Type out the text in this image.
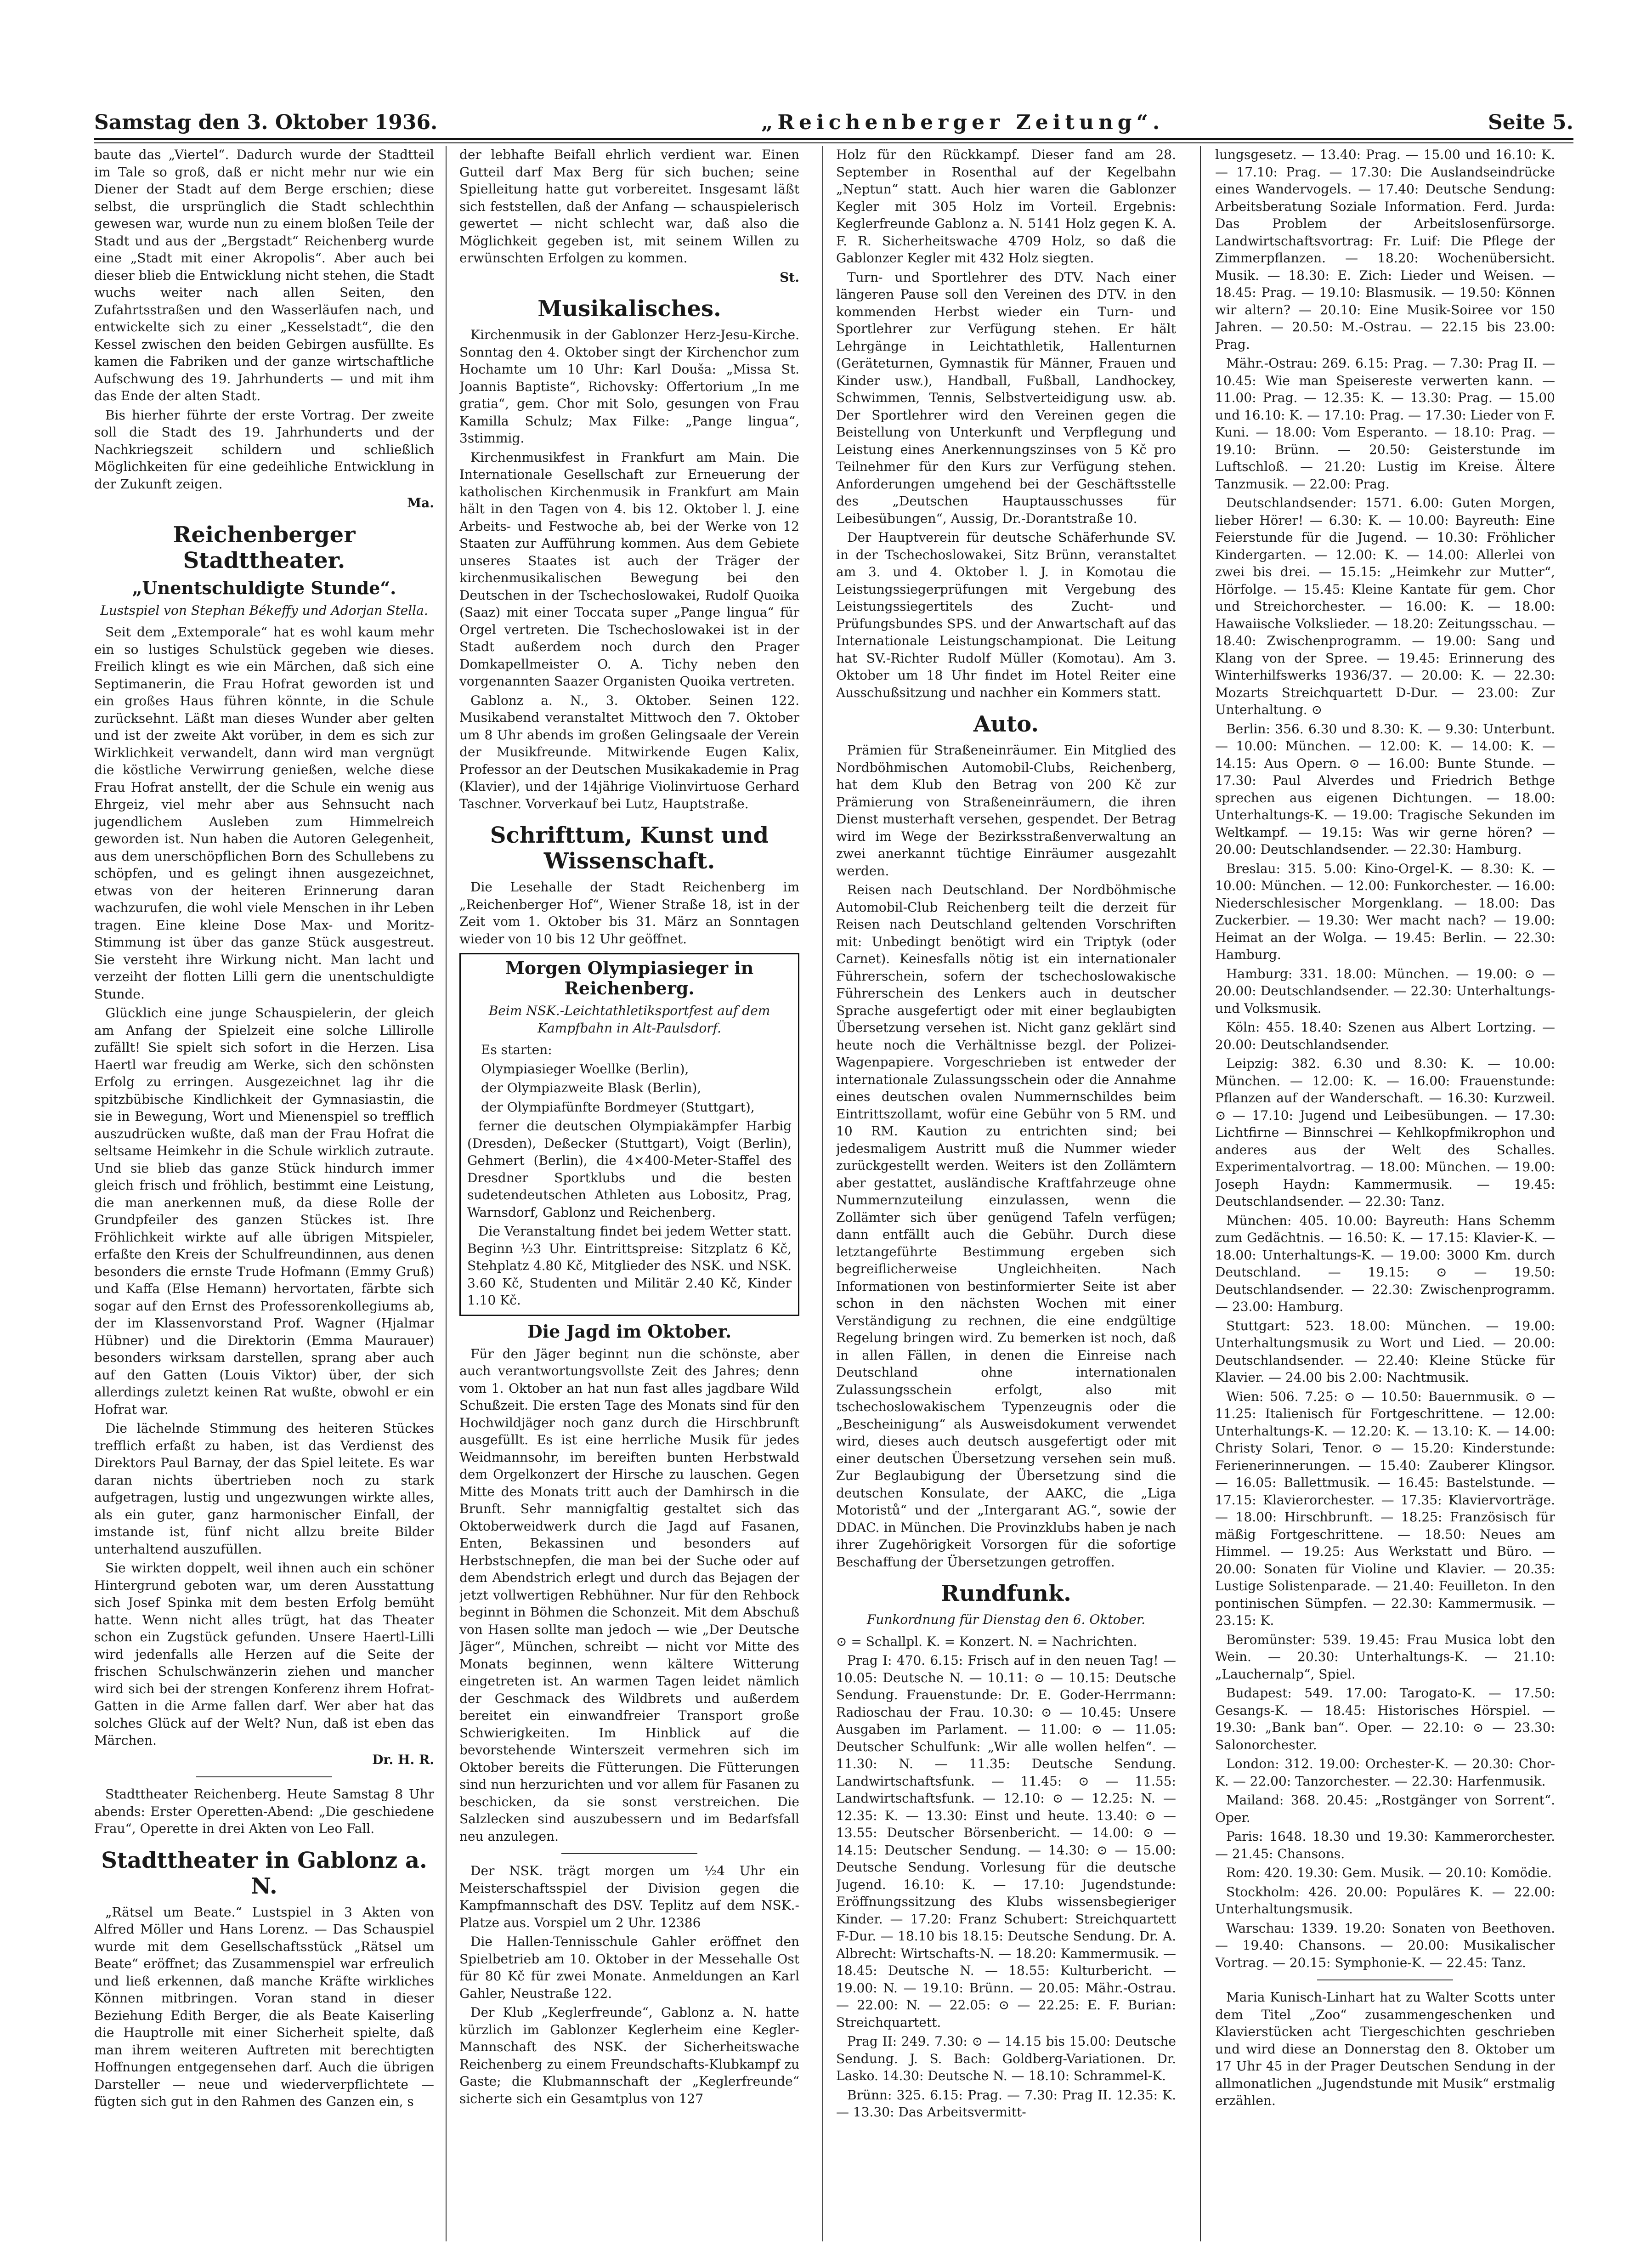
Samstag den 3. Oktober 1936.	„Reichenberger Zeitung“.	Seite 5.

baute das „Viertel“. Dadurch wurde der Stadtteil im Tale so groß, daß er nicht mehr nur wie ein Diener der Stadt auf dem Berge erschien; diese selbst, die ursprünglich die Stadt schlechthin gewesen war, wurde nun zu einem bloßen Teile der Stadt und aus der „Bergstadt“ Reichenberg wurde eine „Stadt mit einer Akropolis“. Aber auch bei dieser blieb die Entwicklung nicht stehen, die Stadt wuchs weiter nach allen Seiten, den Zufahrtsstraßen und den Wasserläufen nach, und entwickelte sich zu einer „Kesselstadt“, die den Kessel zwischen den beiden Gebirgen ausfüllte. Es kamen die Fabriken und der ganze wirtschaftliche Aufschwung des 19. Jahrhunderts — und mit ihm das Ende der alten Stadt.

Bis hierher führte der erste Vortrag. Der zweite soll die Stadt des 19. Jahrhunderts und der Nachkriegszeit schildern und schließlich Möglichkeiten für eine gedeihliche Entwicklung in der Zukunft zeigen.

Ma.

Reichenberger Stadttheater.
„Unentschuldigte Stunde“.

Lustspiel von Stephan Békeffy und Adorjan Stella.

Seit dem „Extemporale“ hat es wohl kaum mehr ein so lustiges Schulstück gegeben wie dieses. Freilich klingt es wie ein Märchen, daß sich eine Septimanerin, die Frau Hofrat geworden ist und ein großes Haus führen könnte, in die Schule zurücksehnt. Läßt man dieses Wunder aber gelten und ist der zweite Akt vorüber, in dem es sich zur Wirklichkeit verwandelt, dann wird man vergnügt die köstliche Verwirrung genießen, welche diese Frau Hofrat anstellt, der die Schule ein wenig aus Ehrgeiz, viel mehr aber aus Sehnsucht nach jugendlichem Ausleben zum Himmelreich geworden ist. Nun haben die Autoren Gelegenheit, aus dem unerschöpflichen Born des Schullebens zu schöpfen, und es gelingt ihnen ausgezeichnet, etwas von der heiteren Erinnerung daran wachzurufen, die wohl viele Menschen in ihr Leben tragen. Eine kleine Dose Max- und Moritz-Stimmung ist über das ganze Stück ausgestreut. Sie versteht ihre Wirkung nicht. Man lacht und verzeiht der flotten Lilli gern die unentschuldigte Stunde.

Glücklich eine junge Schauspielerin, der gleich am Anfang der Spielzeit eine solche Lillirolle zufällt! Sie spielt sich sofort in die Herzen. Lisa Haertl war freudig am Werke, sich den schönsten Erfolg zu erringen. Ausgezeichnet lag ihr die spitzbübische Kindlichkeit der Gymnasiastin, die sie in Bewegung, Wort und Mienenspiel so trefflich auszudrücken wußte, daß man der Frau Hofrat die seltsame Heimkehr in die Schule wirklich zutraute. Und sie blieb das ganze Stück hindurch immer gleich frisch und fröhlich, bestimmt eine Leistung, die man anerkennen muß, da diese Rolle der Grundpfeiler des ganzen Stückes ist. Ihre Fröhlichkeit wirkte auf alle übrigen Mitspieler, erfaßte den Kreis der Schulfreundinnen, aus denen besonders die ernste Trude Hofmann (Emmy Gruß) und Kaffa (Else Hemann) hervortaten, färbte sich sogar auf den Ernst des Professorenkollegiums ab, der im Klassenvorstand Prof. Wagner (Hjalmar Hübner) und die Direktorin (Emma Maurauer) besonders wirksam darstellen, sprang aber auch auf den Gatten (Louis Viktor) über, der sich allerdings zuletzt keinen Rat wußte, obwohl er ein Hofrat war.

Die lächelnde Stimmung des heiteren Stückes trefflich erfaßt zu haben, ist das Verdienst des Direktors Paul Barnay, der das Spiel leitete. Es war daran nichts übertrieben noch zu stark aufgetragen, lustig und ungezwungen wirkte alles, als ein guter, ganz harmonischer Einfall, der imstande ist, fünf nicht allzu breite Bilder unterhaltend auszufüllen.

Sie wirkten doppelt, weil ihnen auch ein schöner Hintergrund geboten war, um deren Ausstattung sich Josef Spinka mit dem besten Erfolg bemüht hatte. Wenn nicht alles trügt, hat das Theater schon ein Zugstück gefunden. Unsere Haertl-Lilli wird jedenfalls alle Herzen auf die Seite der frischen Schulschwänzerin ziehen und mancher wird sich bei der strengen Konferenz ihrem Hofrat-Gatten in die Arme fallen darf. Wer aber hat das solches Glück auf der Welt? Nun, daß ist eben das Märchen.

Dr. H. R.

Stadttheater Reichenberg. Heute Samstag 8 Uhr abends: Erster Operetten-Abend: „Die geschiedene Frau“, Operette in drei Akten von Leo Fall.

Stadttheater in Gablonz a. N.

„Rätsel um Beate.“ Lustspiel in 3 Akten von Alfred Möller und Hans Lorenz. — Das Schauspiel wurde mit dem Gesellschaftsstück „Rätsel um Beate“ eröffnet; das Zusammenspiel war erfreulich und ließ erkennen, daß manche Kräfte wirkliches Können mitbringen. Voran stand in dieser Beziehung Edith Berger, die als Beate Kaiserling die Hauptrolle mit einer Sicherheit spielte, daß man ihrem weiteren Auftreten mit berechtigten Hoffnungen entgegensehen darf. Auch die übrigen Darsteller — neue und wiederverpflichtete — fügten sich gut in den Rahmen des Ganzen ein, s

der lebhafte Beifall ehrlich verdient war. Einen Gutteil darf Max Berg für sich buchen; seine Spielleitung hatte gut vorbereitet. Insgesamt läßt sich feststellen, daß der Anfang — schauspielerisch gewertet — nicht schlecht war, daß also die Möglichkeit gegeben ist, mit seinem Willen zu erwünschten Erfolgen zu kommen.

St.

Musikalisches.

Kirchenmusik in der Gablonzer Herz-Jesu-Kirche. Sonntag den 4. Oktober singt der Kirchenchor zum Hochamte um 10 Uhr: Karl Douša: „Missa St. Joannis Baptiste“, Richovsky: Offertorium „In me gratia“, gem. Chor mit Solo, gesungen von Frau Kamilla Schulz; Max Filke: „Pange lingua“, 3stimmig.

Kirchenmusikfest in Frankfurt am Main. Die Internationale Gesellschaft zur Erneuerung der katholischen Kirchenmusik in Frankfurt am Main hält in den Tagen von 4. bis 12. Oktober l. J. eine Arbeits- und Festwoche ab, bei der Werke von 12 Staaten zur Aufführung kommen. Aus dem Gebiete unseres Staates ist auch der Träger der kirchenmusikalischen Bewegung bei den Deutschen in der Tschechoslowakei, Rudolf Quoika (Saaz) mit einer Toccata super „Pange lingua“ für Orgel vertreten. Die Tschechoslowakei ist in der Stadt außerdem noch durch den Prager Domkapellmeister O. A. Tichy neben den vorgenannten Saazer Organisten Quoika vertreten.

Gablonz a. N., 3. Oktober. Seinen 122. Musikabend veranstaltet Mittwoch den 7. Oktober um 8 Uhr abends im großen Gelingsaale der Verein der Musikfreunde. Mitwirkende Eugen Kalix, Professor an der Deutschen Musikakademie in Prag (Klavier), und der 14jährige Violinvirtuose Gerhard Taschner. Vorverkauf bei Lutz, Hauptstraße.

Schrifttum, Kunst und Wissenschaft.

Die Lesehalle der Stadt Reichenberg im „Reichenberger Hof“, Wiener Straße 18, ist in der Zeit vom 1. Oktober bis 31. März an Sonntagen wieder von 10 bis 12 Uhr geöffnet.

Morgen Olympiasieger in Reichenberg.

Beim NSK.-Leichtathletiksportfest auf dem Kampfbahn in Alt-Paulsdorf.

Es starten:

Olympiasieger Woellke (Berlin),

der Olympiazweite Blask (Berlin),

der Olympiafünfte Bordmeyer (Stuttgart),

ferner die deutschen Olympiakämpfer Harbig (Dresden), Deßecker (Stuttgart), Voigt (Berlin), Gehmert (Berlin), die 4×400-Meter-Staffel des Dresdner Sportklubs und die besten sudetendeutschen Athleten aus Lobositz, Prag, Warnsdorf, Gablonz und Reichenberg.

Die Veranstaltung findet bei jedem Wetter statt. Beginn ½3 Uhr. Eintrittspreise: Sitzplatz 6 Kč, Stehplatz 4.80 Kč, Mitglieder des NSK. und NSK. 3.60 Kč, Studenten und Militär 2.40 Kč, Kinder 1.10 Kč.

Die Jagd im Oktober.

Für den Jäger beginnt nun die schönste, aber auch verantwortungsvollste Zeit des Jahres; denn vom 1. Oktober an hat nun fast alles jagdbare Wild Schußzeit. Die ersten Tage des Monats sind für den Hochwildjäger noch ganz durch die Hirschbrunft ausgefüllt. Es ist eine herrliche Musik für jedes Weidmannsohr, im bereiften bunten Herbstwald dem Orgelkonzert der Hirsche zu lauschen. Gegen Mitte des Monats tritt auch der Damhirsch in die Brunft. Sehr mannigfaltig gestaltet sich das Oktoberweidwerk durch die Jagd auf Fasanen, Enten, Bekassinen und besonders auf Herbstschnepfen, die man bei der Suche oder auf dem Abendstrich erlegt und durch das Bejagen der jetzt vollwertigen Rebhühner. Nur für den Rehbock beginnt in Böhmen die Schonzeit. Mit dem Abschuß von Hasen sollte man jedoch — wie „Der Deutsche Jäger“, München, schreibt — nicht vor Mitte des Monats beginnen, wenn kältere Witterung eingetreten ist. An warmen Tagen leidet nämlich der Geschmack des Wildbrets und außerdem bereitet ein einwandfreier Transport große Schwierigkeiten. Im Hinblick auf die bevorstehende Winterszeit vermehren sich im Oktober bereits die Fütterungen. Die Fütterungen sind nun herzurichten und vor allem für Fasanen zu beschicken, da sie sonst verstreichen. Die Salzlecken sind auszubessern und im Bedarfsfall neu anzulegen.

Der NSK. trägt morgen um ½4 Uhr ein Meisterschaftsspiel der Division gegen die Kampfmannschaft des DSV. Teplitz auf dem NSK.-Platze aus. Vorspiel um 2 Uhr. 12386

Die Hallen-Tennisschule Gahler eröffnet den Spielbetrieb am 10. Oktober in der Messehalle Ost für 80 Kč für zwei Monate. Anmeldungen an Karl Gahler, Neustraße 122.

Der Klub „Keglerfreunde“, Gablonz a. N. hatte kürzlich im Gablonzer Keglerheim eine Kegler-Mannschaft des NSK. der Sicherheitswache Reichenberg zu einem Freundschafts-Klubkampf zu Gaste; die Klubmannschaft der „Keglerfreunde“ sicherte sich ein Gesamtplus von 127

Holz für den Rückkampf. Dieser fand am 28. September in Rosenthal auf der Kegelbahn „Neptun“ statt. Auch hier waren die Gablonzer Kegler mit 305 Holz im Vorteil. Ergebnis: Keglerfreunde Gablonz a. N. 5141 Holz gegen K. A. F. R. Sicherheitswache 4709 Holz, so daß die Gablonzer Kegler mit 432 Holz siegten.

Turn- und Sportlehrer des DTV. Nach einer längeren Pause soll den Vereinen des DTV. in den kommenden Herbst wieder ein Turn- und Sportlehrer zur Verfügung stehen. Er hält Lehrgänge in Leichtathletik, Hallenturnen (Geräteturnen, Gymnastik für Männer, Frauen und Kinder usw.), Handball, Fußball, Landhockey, Schwimmen, Tennis, Selbstverteidigung usw. ab. Der Sportlehrer wird den Vereinen gegen die Beistellung von Unterkunft und Verpflegung und Leistung eines Anerkennungszinses von 5 Kč pro Teilnehmer für den Kurs zur Verfügung stehen. Anforderungen umgehend bei der Geschäftsstelle des „Deutschen Hauptausschusses für Leibesübungen“, Aussig, Dr.-Dorantstraße 10.

Der Hauptverein für deutsche Schäferhunde SV. in der Tschechoslowakei, Sitz Brünn, veranstaltet am 3. und 4. Oktober l. J. in Komotau die Leistungssiegerprüfungen mit Vergebung des Leistungssiegertitels des Zucht- und Prüfungsbundes SPS. und der Anwartschaft auf das Internationale Leistungschampionat. Die Leitung hat SV.-Richter Rudolf Müller (Komotau). Am 3. Oktober um 18 Uhr findet im Hotel Reiter eine Ausschußsitzung und nachher ein Kommers statt.

Auto.

Prämien für Straßeneinräumer. Ein Mitglied des Nordböhmischen Automobil-Clubs, Reichenberg, hat dem Klub den Betrag von 200 Kč zur Prämierung von Straßeneinräumern, die ihren Dienst musterhaft versehen, gespendet. Der Betrag wird im Wege der Bezirksstraßenverwaltung an zwei anerkannt tüchtige Einräumer ausgezahlt werden.

Reisen nach Deutschland. Der Nordböhmische Automobil-Club Reichenberg teilt die derzeit für Reisen nach Deutschland geltenden Vorschriften mit: Unbedingt benötigt wird ein Triptyk (oder Carnet). Keinesfalls nötig ist ein internationaler Führerschein, sofern der tschechoslowakische Führerschein des Lenkers auch in deutscher Sprache ausgefertigt oder mit einer beglaubigten Übersetzung versehen ist. Nicht ganz geklärt sind heute noch die Verhältnisse bezgl. der Polizei-Wagenpapiere. Vorgeschrieben ist entweder der internationale Zulassungsschein oder die Annahme eines deutschen ovalen Nummernschildes beim Eintrittszollamt, wofür eine Gebühr von 5 RM. und 10 RM. Kaution zu entrichten sind; bei jedesmaligem Austritt muß die Nummer wieder zurückgestellt werden. Weiters ist den Zollämtern aber gestattet, ausländische Kraftfahrzeuge ohne Nummernzuteilung einzulassen, wenn die Zollämter sich über genügend Tafeln verfügen; dann entfällt auch die Gebühr. Durch diese letztangeführte Bestimmung ergeben sich begreiflicherweise Ungleichheiten. Nach Informationen von bestinformierter Seite ist aber schon in den nächsten Wochen mit einer Verständigung zu rechnen, die eine endgültige Regelung bringen wird. Zu bemerken ist noch, daß in allen Fällen, in denen die Einreise nach Deutschland ohne internationalen Zulassungsschein erfolgt, also mit tschechoslowakischem Typenzeugnis oder die „Bescheinigung“ als Ausweisdokument verwendet wird, dieses auch deutsch ausgefertigt oder mit einer deutschen Übersetzung versehen sein muß. Zur Beglaubigung der Übersetzung sind die deutschen Konsulate, der AAKC, die „Liga Motoristů“ und der „Intergarant AG.“, sowie der DDAC. in München. Die Provinzklubs haben je nach ihrer Zugehörigkeit Vorsorgen für die sofortige Beschaffung der Übersetzungen getroffen.

Rundfunk.

Funkordnung für Dienstag den 6. Oktober.

⊙ = Schallpl. K. = Konzert. N. = Nachrichten.

Prag I: 470. 6.15: Frisch auf in den neuen Tag! — 10.05: Deutsche N. — 10.11: ⊙ — 10.15: Deutsche Sendung. Frauenstunde: Dr. E. Goder-Herrmann: Radioschau der Frau. 10.30: ⊙ — 10.45: Unsere Ausgaben im Parlament. — 11.00: ⊙ — 11.05: Deutscher Schulfunk: „Wir alle wollen helfen“. — 11.30: N. — 11.35: Deutsche Sendung. Landwirtschaftsfunk. — 11.45: ⊙ — 11.55: Landwirtschaftsfunk. — 12.10: ⊙ — 12.25: N. — 12.35: K. — 13.30: Einst und heute. 13.40: ⊙ — 13.55: Deutscher Börsenbericht. — 14.00: ⊙ — 14.15: Deutscher Sendung. — 14.30: ⊙ — 15.00: Deutsche Sendung. Vorlesung für die deutsche Jugend. 16.10: K. — 17.10: Jugendstunde: Eröffnungssitzung des Klubs wissensbegieriger Kinder. — 17.20: Franz Schubert: Streichquartett F-Dur. — 18.10 bis 18.15: Deutsche Sendung. Dr. A. Albrecht: Wirtschafts-N. — 18.20: Kammermusik. — 18.45: Deutsche N. — 18.55: Kulturbericht. — 19.00: N. — 19.10: Brünn. — 20.05: Mähr.-Ostrau. — 22.00: N. — 22.05: ⊙ — 22.25: E. F. Burian: Streichquartett.

Prag II: 249. 7.30: ⊙ — 14.15 bis 15.00: Deutsche Sendung. J. S. Bach: Goldberg-Variationen. Dr. Lasko. 14.30: Deutsche N. — 18.10: Schrammel-K.

Brünn: 325. 6.15: Prag. — 7.30: Prag II. 12.35: K. — 13.30: Das Arbeitsvermitt-

lungsgesetz. — 13.40: Prag. — 15.00 und 16.10: K. — 17.10: Prag. — 17.30: Die Auslandseindrücke eines Wandervogels. — 17.40: Deutsche Sendung: Arbeitsberatung Soziale Information. Ferd. Jurda: Das Problem der Arbeitslosenfürsorge. Landwirtschaftsvortrag: Fr. Luif: Die Pflege der Zimmerpflanzen. — 18.20: Wochenübersicht. Musik. — 18.30: E. Zich: Lieder und Weisen. — 18.45: Prag. — 19.10: Blasmusik. — 19.50: Können wir altern? — 20.10: Eine Musik-Soiree vor 150 Jahren. — 20.50: M.-Ostrau. — 22.15 bis 23.00: Prag.

Mähr.-Ostrau: 269. 6.15: Prag. — 7.30: Prag II. — 10.45: Wie man Speisereste verwerten kann. — 11.00: Prag. — 12.35: K. — 13.30: Prag. — 15.00 und 16.10: K. — 17.10: Prag. — 17.30: Lieder von F. Kuni. — 18.00: Vom Esperanto. — 18.10: Prag. — 19.10: Brünn. — 20.50: Geisterstunde im Luftschloß. — 21.20: Lustig im Kreise. Ältere Tanzmusik. — 22.00: Prag.

Deutschlandsender: 1571. 6.00: Guten Morgen, lieber Hörer! — 6.30: K. — 10.00: Bayreuth: Eine Feierstunde für die Jugend. — 10.30: Fröhlicher Kindergarten. — 12.00: K. — 14.00: Allerlei von zwei bis drei. — 15.15: „Heimkehr zur Mutter“, Hörfolge. — 15.45: Kleine Kantate für gem. Chor und Streichorchester. — 16.00: K. — 18.00: Hawaiische Volkslieder. — 18.20: Zeitungsschau. — 18.40: Zwischenprogramm. — 19.00: Sang und Klang von der Spree. — 19.45: Erinnerung des Winterhilfswerks 1936/37. — 20.00: K. — 22.30: Mozarts Streichquartett D-Dur. — 23.00: Zur Unterhaltung. ⊙

Berlin: 356. 6.30 und 8.30: K. — 9.30: Unterbunt. — 10.00: München. — 12.00: K. — 14.00: K. — 14.15: Aus Opern. ⊙ — 16.00: Bunte Stunde. — 17.30: Paul Alverdes und Friedrich Bethge sprechen aus eigenen Dichtungen. — 18.00: Unterhaltungs-K. — 19.00: Tragische Sekunden im Weltkampf. — 19.15: Was wir gerne hören? — 20.00: Deutschlandsender. — 22.30: Hamburg.

Breslau: 315. 5.00: Kino-Orgel-K. — 8.30: K. — 10.00: München. — 12.00: Funkorchester. — 16.00: Niederschlesischer Morgenklang. — 18.00: Das Zuckerbier. — 19.30: Wer macht nach? — 19.00: Heimat an der Wolga. — 19.45: Berlin. — 22.30: Hamburg.

Hamburg: 331. 18.00: München. — 19.00: ⊙ — 20.00: Deutschlandsender. — 22.30: Unterhaltungs- und Volksmusik.

Köln: 455. 18.40: Szenen aus Albert Lortzing. — 20.00: Deutschlandsender.

Leipzig: 382. 6.30 und 8.30: K. — 10.00: München. — 12.00: K. — 16.00: Frauenstunde: Pflanzen auf der Wanderschaft. — 16.30: Kurzweil. ⊙ — 17.10: Jugend und Leibesübungen. — 17.30: Lichtfirne — Binnschrei — Kehlkopfmikrophon und anderes aus der Welt des Schalles. Experimentalvortrag. — 18.00: München. — 19.00: Joseph Haydn: Kammermusik. — 19.45: Deutschlandsender. — 22.30: Tanz.

München: 405. 10.00: Bayreuth: Hans Schemm zum Gedächtnis. — 16.50: K. — 17.15: Klavier-K. — 18.00: Unterhaltungs-K. — 19.00: 3000 Km. durch Deutschland. — 19.15: ⊙ — 19.50: Deutschlandsender. — 22.30: Zwischenprogramm. — 23.00: Hamburg.

Stuttgart: 523. 18.00: München. — 19.00: Unterhaltungsmusik zu Wort und Lied. — 20.00: Deutschlandsender. — 22.40: Kleine Stücke für Klavier. — 24.00 bis 2.00: Nachtmusik.

Wien: 506. 7.25: ⊙ — 10.50: Bauernmusik. ⊙ — 11.25: Italienisch für Fortgeschrittene. — 12.00: Unterhaltungs-K. — 12.20: K. — 13.10: K. — 14.00: Christy Solari, Tenor. ⊙ — 15.20: Kinderstunde: Ferienerinnerungen. — 15.40: Zauberer Klingsor. — 16.05: Ballettmusik. — 16.45: Bastelstunde. — 17.15: Klavierorchester. — 17.35: Klaviervorträge. — 18.00: Hirschbrunft. — 18.25: Französisch für mäßig Fortgeschrittene. — 18.50: Neues am Himmel. — 19.25: Aus Werkstatt und Büro. — 20.00: Sonaten für Violine und Klavier. — 20.35: Lustige Solistenparade. — 21.40: Feuilleton. In den pontinischen Sümpfen. — 22.30: Kammermusik. — 23.15: K.

Beromünster: 539. 19.45: Frau Musica lobt den Wein. — 20.30: Unterhaltungs-K. — 21.10: „Lauchernalp“, Spiel.

Budapest: 549. 17.00: Tarogato-K. — 17.50: Gesangs-K. — 18.45: Historisches Hörspiel. — 19.30: „Bank ban“. Oper. — 22.10: ⊙ — 23.30: Salonorchester.

London: 312. 19.00: Orchester-K. — 20.30: Chor-K. — 22.00: Tanzorchester. — 22.30: Harfenmusik.

Mailand: 368. 20.45: „Rostgänger von Sorrent“. Oper.

Paris: 1648. 18.30 und 19.30: Kammerorchester. — 21.45: Chansons.

Rom: 420. 19.30: Gem. Musik. — 20.10: Komödie.

Stockholm: 426. 20.00: Populäres K. — 22.00: Unterhaltungsmusik.

Warschau: 1339. 19.20: Sonaten von Beethoven. — 19.40: Chansons. — 20.00: Musikalischer Vortrag. — 20.15: Symphonie-K. — 22.45: Tanz.

Maria Kunisch-Linhart hat zu Walter Scotts unter dem Titel „Zoo“ zusammengeschenken und Klavierstücken acht Tiergeschichten geschrieben und wird diese an Donnerstag den 8. Oktober um 17 Uhr 45 in der Prager Deutschen Sendung in der allmonatlichen „Jugendstunde mit Musik“ erstmalig erzählen.
